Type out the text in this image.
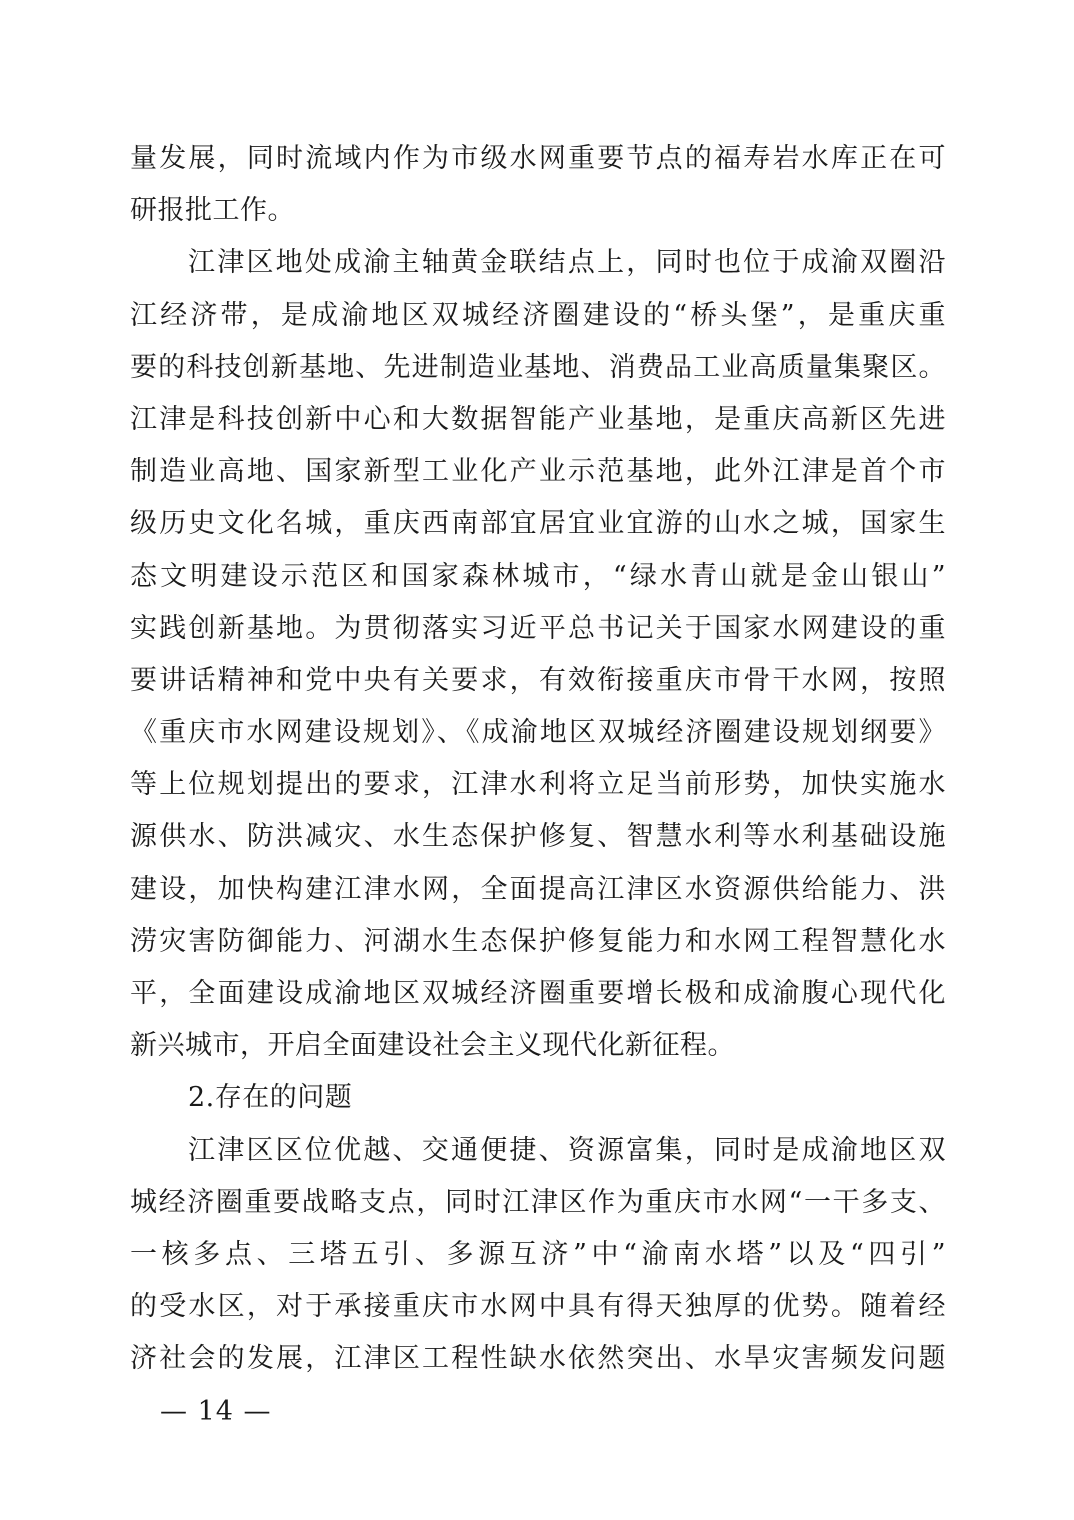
量发展，同时流域内作为市级水网重要节点的福寿岩水库正在可
研报批工作。
江津区地处成渝主轴黄金联结点上，同时也位于成渝双圈沿
江经济带，是成渝地区双城经济圈建设的“桥头堡”，是重庆重
要的科技创新基地、先进制造业基地、消费品工业高质量集聚区。
江津是科技创新中心和大数据智能产业基地，是重庆高新区先进
制造业高地、国家新型工业化产业示范基地，此外江津是首个市
级历史文化名城，重庆西南部宜居宜业宜游的山水之城，国家生
态文明建设示范区和国家森林城市，“绿水青山就是金山银山”
实践创新基地。为贯彻落实习近平总书记关于国家水网建设的重
要讲话精神和党中央有关要求，有效衔接重庆市骨干水网，按照
《重庆市水网建设规划》、《成渝地区双城经济圈建设规划纲要》
等上位规划提出的要求，江津水利将立足当前形势，加快实施水
源供水、防洪减灾、水生态保护修复、智慧水利等水利基础设施
建设，加快构建江津水网，全面提高江津区水资源供给能力、洪
涝灾害防御能力、河湖水生态保护修复能力和水网工程智慧化水
平，全面建设成渝地区双城经济圈重要增长极和成渝腹心现代化
新兴城市，开启全面建设社会主义现代化新征程。
2.存在的问题
江津区区位优越、交通便捷、资源富集，同时是成渝地区双
城经济圈重要战略支点，同时江津区作为重庆市水网“一干多支、
一核多点、三塔五引、多源互济”中“渝南水塔”以及“四引”
的受水区，对于承接重庆市水网中具有得天独厚的优势。随着经
济社会的发展，江津区工程性缺水依然突出、水旱灾害频发问题
— 14 —
